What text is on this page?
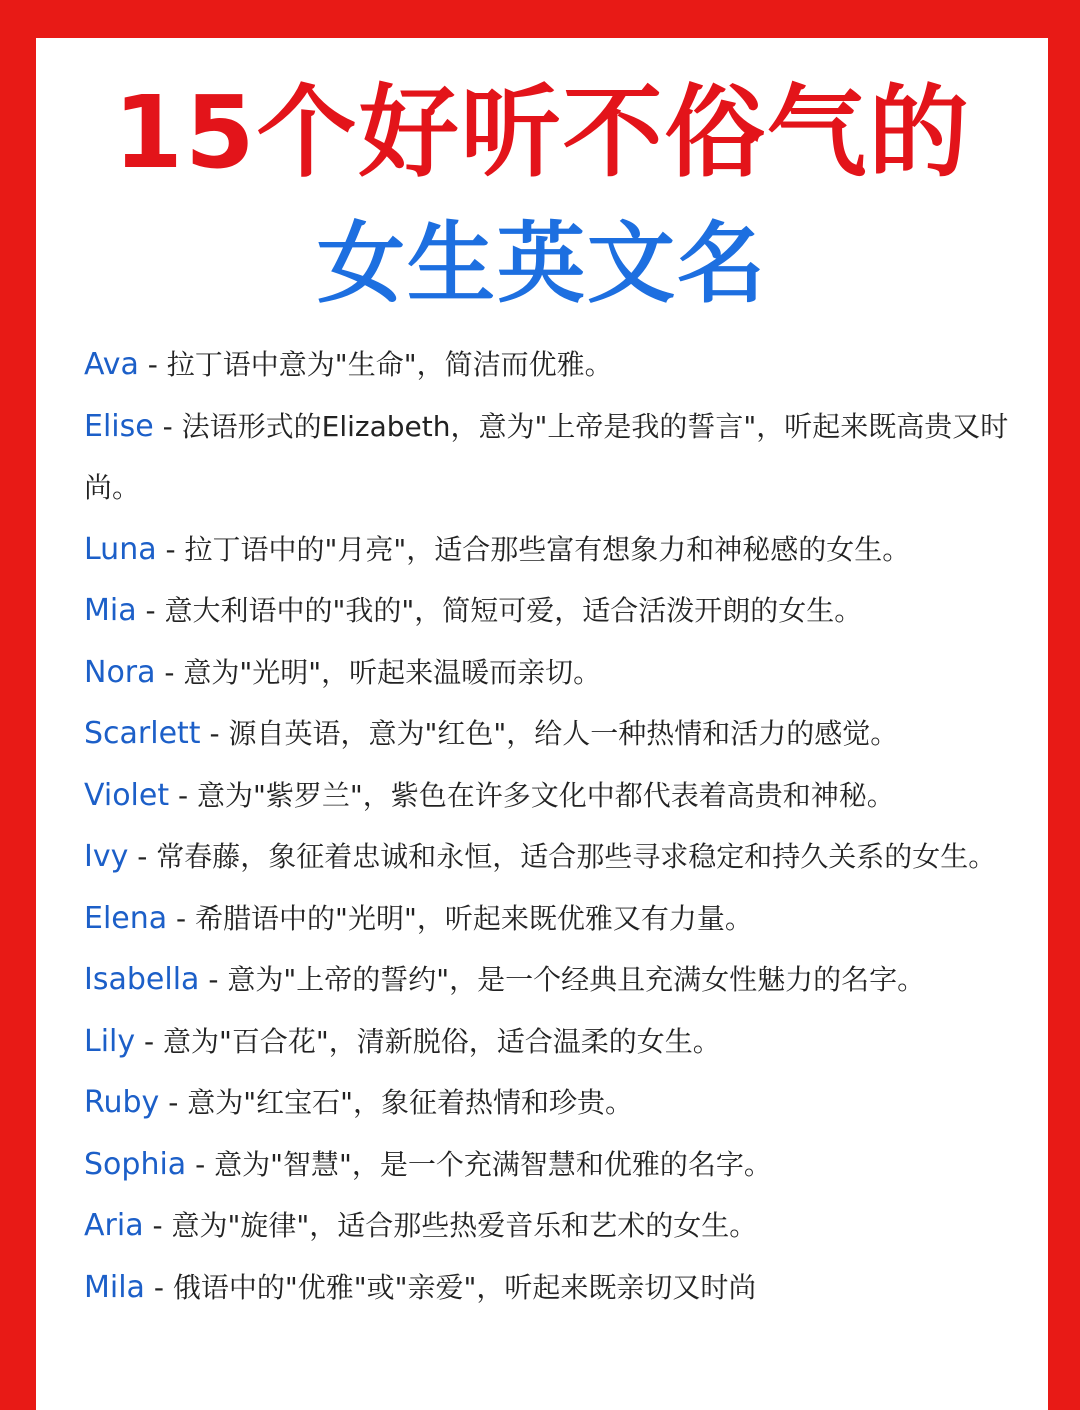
15个好听不俗气的
女生英文名
Ava - 拉丁语中意为"生命"，简洁而优雅。
Elise - 法语形式的Elizabeth，意为"上帝是我的誓言"，听起来既高贵又时尚。
Luna - 拉丁语中的"月亮"，适合那些富有想象力和神秘感的女生。
Mia - 意大利语中的"我的"，简短可爱，适合活泼开朗的女生。
Nora - 意为"光明"，听起来温暖而亲切。
Scarlett - 源自英语，意为"红色"，给人一种热情和活力的感觉。
Violet - 意为"紫罗兰"，紫色在许多文化中都代表着高贵和神秘。
Ivy - 常春藤，象征着忠诚和永恒，适合那些寻求稳定和持久关系的女生。
Elena - 希腊语中的"光明"，听起来既优雅又有力量。
Isabella - 意为"上帝的誓约"，是一个经典且充满女性魅力的名字。
Lily - 意为"百合花"，清新脱俗，适合温柔的女生。
Ruby - 意为"红宝石"，象征着热情和珍贵。
Sophia - 意为"智慧"，是一个充满智慧和优雅的名字。
Aria - 意为"旋律"，适合那些热爱音乐和艺术的女生。
Mila - 俄语中的"优雅"或"亲爱"，听起来既亲切又时尚
